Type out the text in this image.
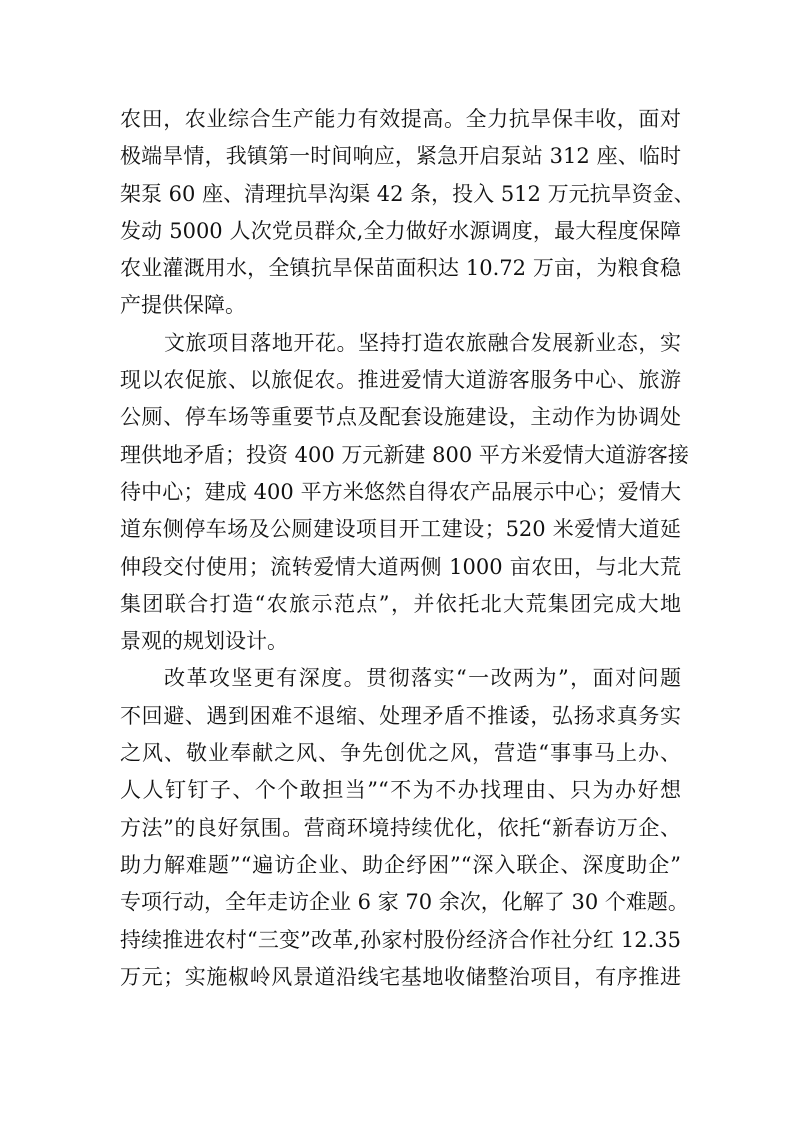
农田，农业综合生产能力有效提高。全力抗旱保丰收，面对
极端旱情，我镇第一时间响应，紧急开启泵站 312 座、临时
架泵 60 座、清理抗旱沟渠 42 条，投入 512 万元抗旱资金、
发动 5000 人次党员群众,全力做好水源调度，最大程度保障
农业灌溉用水，全镇抗旱保苗面积达 10.72 万亩，为粮食稳
产提供保障。
文旅项目落地开花。坚持打造农旅融合发展新业态，实
现以农促旅、以旅促农。推进爱情大道游客服务中心、旅游
公厕、停车场等重要节点及配套设施建设，主动作为协调处
理供地矛盾；投资 400 万元新建 800 平方米爱情大道游客接
待中心；建成 400 平方米悠然自得农产品展示中心；爱情大
道东侧停车场及公厕建设项目开工建设；520 米爱情大道延
伸段交付使用；流转爱情大道两侧 1000 亩农田，与北大荒
集团联合打造“农旅示范点”，并依托北大荒集团完成大地
景观的规划设计。
改革攻坚更有深度。贯彻落实“一改两为”，面对问题
不回避、遇到困难不退缩、处理矛盾不推诿，弘扬求真务实
之风、敬业奉献之风、争先创优之风，营造“事事马上办、
人人钉钉子、个个敢担当”“不为不办找理由、只为办好想
方法”的良好氛围。营商环境持续优化，依托“新春访万企、
助力解难题”“遍访企业、助企纾困”“深入联企、深度助企”
专项行动，全年走访企业 6 家 70 余次，化解了 30 个难题。
持续推进农村“三变”改革,孙家村股份经济合作社分红 12.35
万元；实施椒岭风景道沿线宅基地收储整治项目，有序推进
